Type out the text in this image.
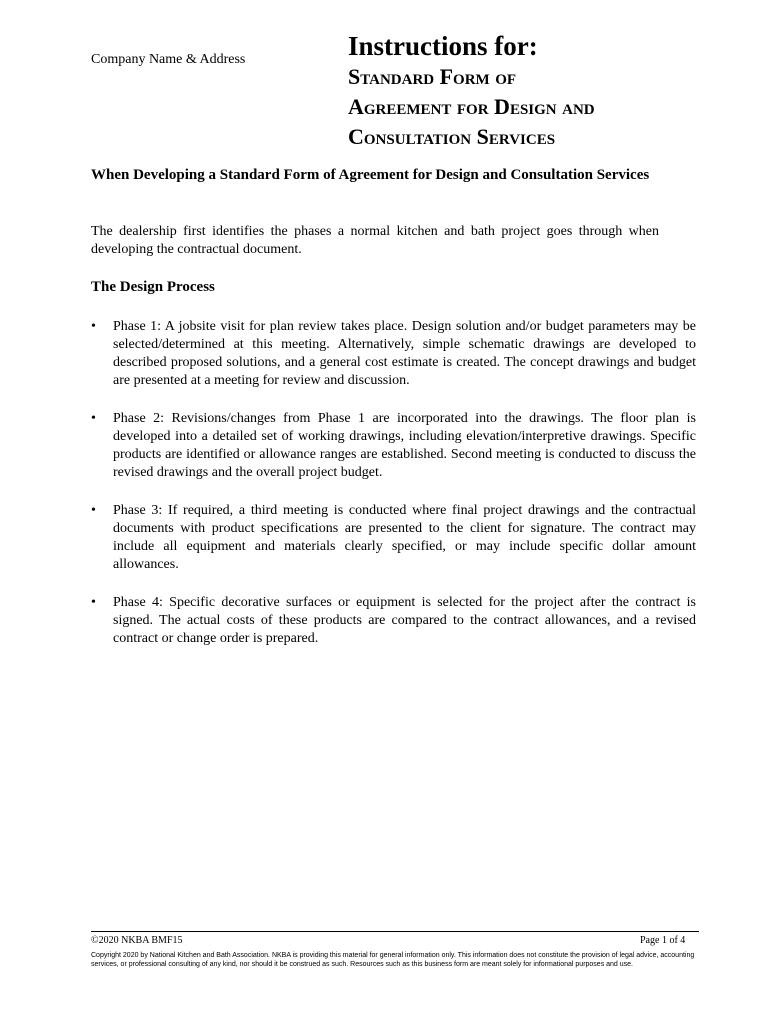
Company Name & Address	Instructions for:
Standard Form of
Agreement for Design and
Consultation Services
When Developing a Standard Form of Agreement for Design and Consultation Services
The dealership first identifies the phases a normal kitchen and bath project goes through when developing the contractual document.
The Design Process
• Phase 1: A jobsite visit for plan review takes place. Design solution and/or budget parameters may be selected/determined at this meeting. Alternatively, simple schematic drawings are developed to described proposed solutions, and a general cost estimate is created. The concept drawings and budget are presented at a meeting for review and discussion.
• Phase 2: Revisions/changes from Phase 1 are incorporated into the drawings. The floor plan is developed into a detailed set of working drawings, including elevation/interpretive drawings. Specific products are identified or allowance ranges are established. Second meeting is conducted to discuss the revised drawings and the overall project budget.
• Phase 3: If required, a third meeting is conducted where final project drawings and the contractual documents with product specifications are presented to the client for signature. The contract may include all equipment and materials clearly specified, or may include specific dollar amount allowances.
• Phase 4: Specific decorative surfaces or equipment is selected for the project after the contract is signed. The actual costs of these products are compared to the contract allowances, and a revised contract or change order is prepared.
©2020 NKBA BMF15	Page 1 of 4
Copyright 2020 by National Kitchen and Bath Association. NKBA is providing this material for general information only. This information does not constitute the provision of legal advice, accounting services, or professional consulting of any kind, nor should it be construed as such. Resources such as this business form are meant solely for informational purposes and use.
